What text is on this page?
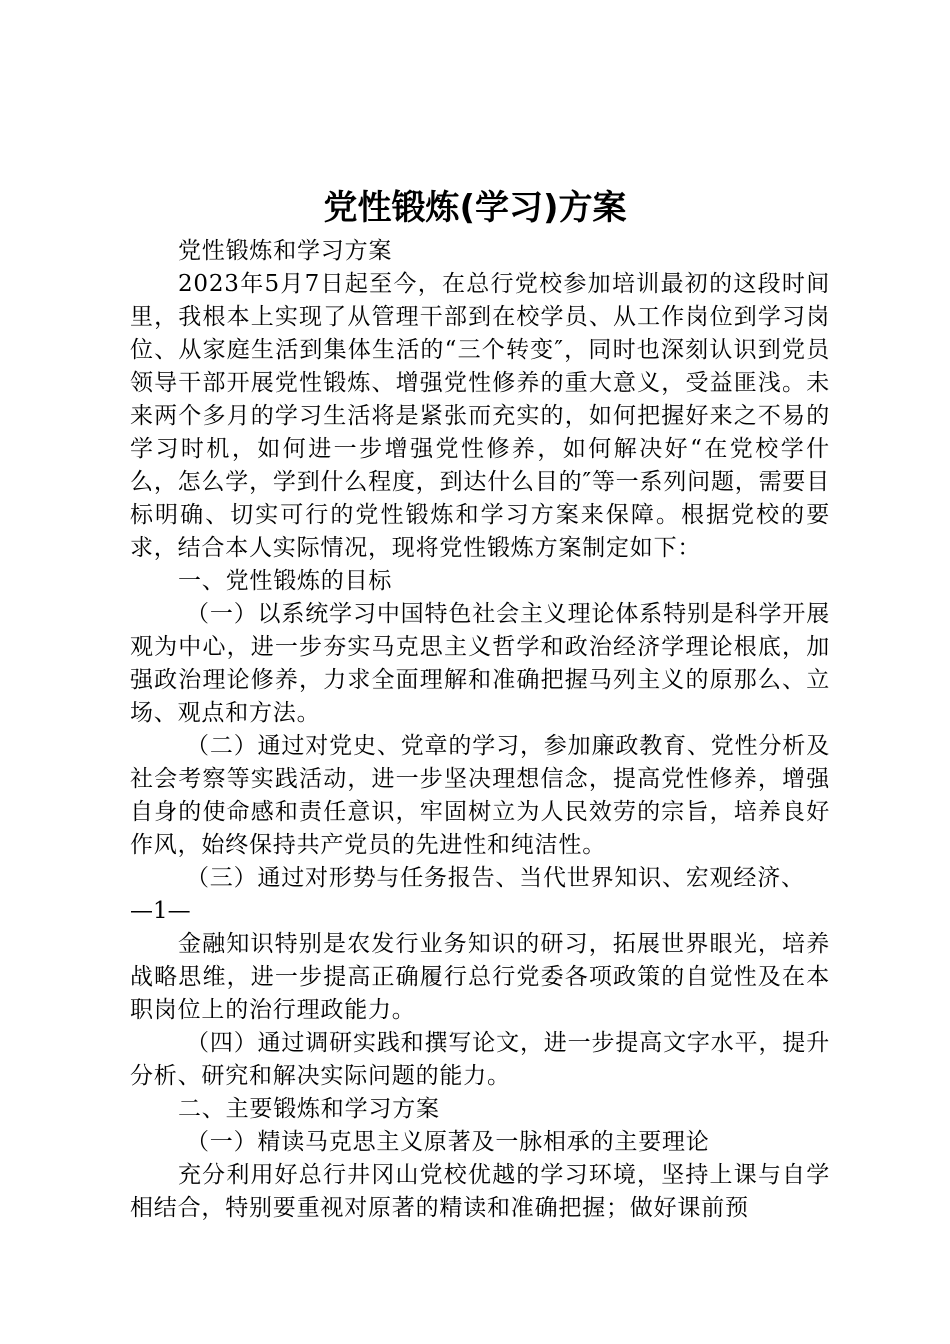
党性锻炼(学习)方案

党性锻炼和学习方案

2023年5月7日起至今，在总行党校参加培训最初的这段时间里，我根本上实现了从管理干部到在校学员、从工作岗位到学习岗位、从家庭生活到集体生活的“三个转变″，同时也深刻认识到党员领导干部开展党性锻炼、增强党性修养的重大意义，受益匪浅。未来两个多月的学习生活将是紧张而充实的，如何把握好来之不易的学习时机，如何进一步增强党性修养，如何解决好“在党校学什么，怎么学，学到什么程度，到达什么目的″等一系列问题，需要目标明确、切实可行的党性锻炼和学习方案来保障。根据党校的要求，结合本人实际情况，现将党性锻炼方案制定如下：

一、党性锻炼的目标

（一）以系统学习中国特色社会主义理论体系特别是科学开展观为中心，进一步夯实马克思主义哲学和政治经济学理论根底，加强政治理论修养，力求全面理解和准确把握马列主义的原那么、立场、观点和方法。

（二）通过对党史、党章的学习，参加廉政教育、党性分析及社会考察等实践活动，进一步坚决理想信念，提高党性修养，增强自身的使命感和责任意识，牢固树立为人民效劳的宗旨，培养良好作风，始终保持共产党员的先进性和纯洁性。

（三）通过对形势与任务报告、当代世界知识、宏观经济、

—1—

金融知识特别是农发行业务知识的研习，拓展世界眼光，培养战略思维，进一步提高正确履行总行党委各项政策的自觉性及在本职岗位上的治行理政能力。

（四）通过调研实践和撰写论文，进一步提高文字水平，提升分析、研究和解决实际问题的能力。

二、主要锻炼和学习方案

（一）精读马克思主义原著及一脉相承的主要理论

充分利用好总行井冈山党校优越的学习环境，坚持上课与自学相结合，特别要重视对原著的精读和准确把握；做好课前预
